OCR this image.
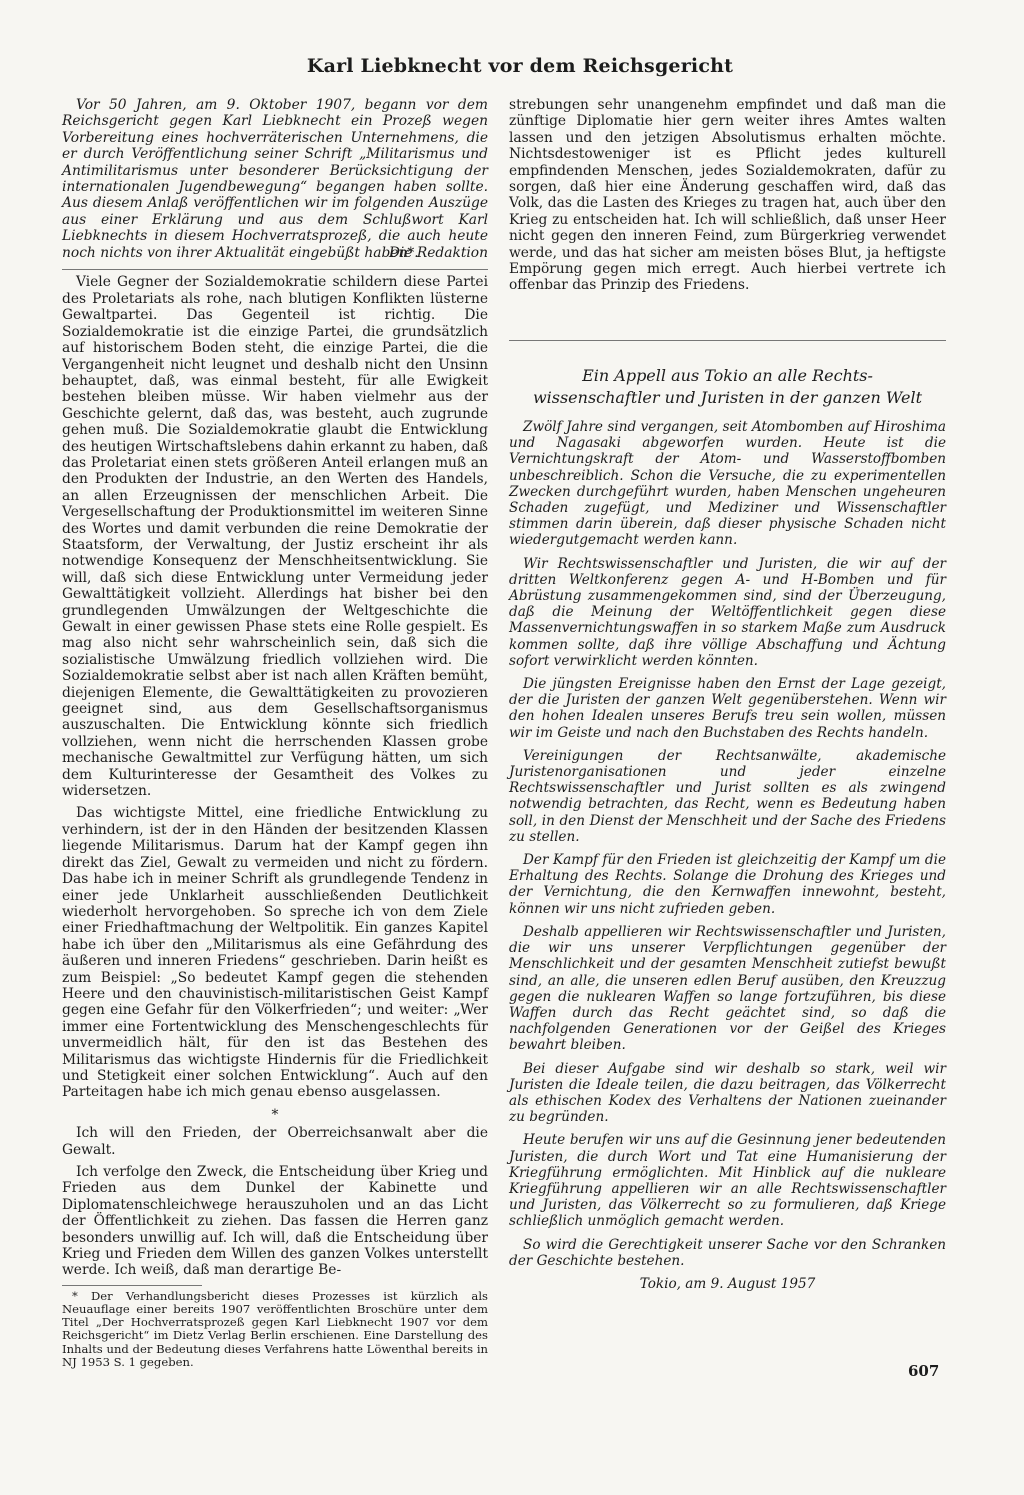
Karl Liebknecht vor dem Reichsgericht

Vor 50 Jahren, am 9. Oktober 1907, begann vor dem Reichsgericht gegen Karl Liebknecht ein Prozeß wegen Vorbereitung eines hochverräterischen Unternehmens, die er durch Veröffentlichung seiner Schrift „Militarismus und Antimilitarismus unter besonderer Berücksichtigung der internationalen Jugendbewegung“ begangen haben sollte. Aus diesem Anlaß veröffentlichen wir im folgenden Auszüge aus einer Erklärung und aus dem Schlußwort Karl Liebknechts in diesem Hochverratsprozeß, die auch heute noch nichts von ihrer Aktualität eingebüßt haben*.

Die Redaktion

Viele Gegner der Sozialdemokratie schildern diese Partei des Proletariats als rohe, nach blutigen Konflikten lüsterne Gewaltpartei. Das Gegenteil ist richtig. Die Sozialdemokratie ist die einzige Partei, die grundsätzlich auf historischem Boden steht, die einzige Partei, die die Vergangenheit nicht leugnet und deshalb nicht den Unsinn behauptet, daß, was einmal besteht, für alle Ewigkeit bestehen bleiben müsse. Wir haben vielmehr aus der Geschichte gelernt, daß das, was besteht, auch zugrunde gehen muß. Die Sozialdemokratie glaubt die Entwicklung des heutigen Wirtschaftslebens dahin erkannt zu haben, daß das Proletariat einen stets größeren Anteil erlangen muß an den Produkten der Industrie, an den Werten des Handels, an allen Erzeugnissen der menschlichen Arbeit. Die Vergesellschaftung der Produktionsmittel im weiteren Sinne des Wortes und damit verbunden die reine Demokratie der Staatsform, der Verwaltung, der Justiz erscheint ihr als notwendige Konsequenz der Menschheitsentwicklung. Sie will, daß sich diese Entwicklung unter Vermeidung jeder Gewalttätigkeit vollzieht. Allerdings hat bisher bei den grundlegenden Umwälzungen der Weltgeschichte die Gewalt in einer gewissen Phase stets eine Rolle gespielt. Es mag also nicht sehr wahrscheinlich sein, daß sich die sozialistische Umwälzung friedlich vollziehen wird. Die Sozialdemokratie selbst aber ist nach allen Kräften bemüht, diejenigen Elemente, die Gewalttätigkeiten zu provozieren geeignet sind, aus dem Gesellschaftsorganismus auszuschalten. Die Entwicklung könnte sich friedlich vollziehen, wenn nicht die herrschenden Klassen grobe mechanische Gewaltmittel zur Verfügung hätten, um sich dem Kulturinteresse der Gesamtheit des Volkes zu widersetzen.

Das wichtigste Mittel, eine friedliche Entwicklung zu verhindern, ist der in den Händen der besitzenden Klassen liegende Militarismus. Darum hat der Kampf gegen ihn direkt das Ziel, Gewalt zu vermeiden und nicht zu fördern. Das habe ich in meiner Schrift als grundlegende Tendenz in einer jede Unklarheit ausschließenden Deutlichkeit wiederholt hervorgehoben. So spreche ich von dem Ziele einer Friedhaftmachung der Weltpolitik. Ein ganzes Kapitel habe ich über den „Militarismus als eine Gefährdung des äußeren und inneren Friedens“ geschrieben. Darin heißt es zum Beispiel: „So bedeutet Kampf gegen die stehenden Heere und den chauvinistisch-militaristischen Geist Kampf gegen eine Gefahr für den Völkerfrieden“; und weiter: „Wer immer eine Fortentwicklung des Menschengeschlechts für unvermeidlich hält, für den ist das Bestehen des Militarismus das wichtigste Hindernis für die Friedlichkeit und Stetigkeit einer solchen Entwicklung“. Auch auf den Parteitagen habe ich mich genau ebenso ausgelassen.

*

Ich will den Frieden, der Oberreichsanwalt aber die Gewalt.

Ich verfolge den Zweck, die Entscheidung über Krieg und Frieden aus dem Dunkel der Kabinette und Diplomatenschleichwege herauszuholen und an das Licht der Öffentlichkeit zu ziehen. Das fassen die Herren ganz besonders unwillig auf. Ich will, daß die Entscheidung über Krieg und Frieden dem Willen des ganzen Volkes unterstellt werde. Ich weiß, daß man derartige Be-

* Der Verhandlungsbericht dieses Prozesses ist kürzlich als Neuauflage einer bereits 1907 veröffentlichten Broschüre unter dem Titel „Der Hochverratsprozeß gegen Karl Liebknecht 1907 vor dem Reichsgericht“ im Dietz Verlag Berlin erschienen. Eine Darstellung des Inhalts und der Bedeutung dieses Verfahrens hatte Löwenthal bereits in NJ 1953 S. 1 gegeben.

strebungen sehr unangenehm empfindet und daß man die zünftige Diplomatie hier gern weiter ihres Amtes walten lassen und den jetzigen Absolutismus erhalten möchte. Nichtsdestoweniger ist es Pflicht jedes kulturell empfindenden Menschen, jedes Sozialdemokraten, dafür zu sorgen, daß hier eine Änderung geschaffen wird, daß das Volk, das die Lasten des Krieges zu tragen hat, auch über den Krieg zu entscheiden hat. Ich will schließlich, daß unser Heer nicht gegen den inneren Feind, zum Bürgerkrieg verwendet werde, und das hat sicher am meisten böses Blut, ja heftigste Empörung gegen mich erregt. Auch hierbei vertrete ich offenbar das Prinzip des Friedens.

Ein Appell aus Tokio an alle Rechts-
wissenschaftler und Juristen in der ganzen Welt

Zwölf Jahre sind vergangen, seit Atombomben auf Hiroshima und Nagasaki abgeworfen wurden. Heute ist die Vernichtungskraft der Atom- und Wasserstoffbomben unbeschreiblich. Schon die Versuche, die zu experimentellen Zwecken durchgeführt wurden, haben Menschen ungeheuren Schaden zugefügt, und Mediziner und Wissenschaftler stimmen darin überein, daß dieser physische Schaden nicht wiedergutgemacht werden kann.

Wir Rechtswissenschaftler und Juristen, die wir auf der dritten Weltkonferenz gegen A- und H-Bomben und für Abrüstung zusammengekommen sind, sind der Überzeugung, daß die Meinung der Weltöffentlichkeit gegen diese Massenvernichtungswaffen in so starkem Maße zum Ausdruck kommen sollte, daß ihre völlige Abschaffung und Ächtung sofort verwirklicht werden könnten.

Die jüngsten Ereignisse haben den Ernst der Lage gezeigt, der die Juristen der ganzen Welt gegenüberstehen. Wenn wir den hohen Idealen unseres Berufs treu sein wollen, müssen wir im Geiste und nach den Buchstaben des Rechts handeln.

Vereinigungen der Rechtsanwälte, akademische Juristenorganisationen und jeder einzelne Rechtswissenschaftler und Jurist sollten es als zwingend notwendig betrachten, das Recht, wenn es Bedeutung haben soll, in den Dienst der Menschheit und der Sache des Friedens zu stellen.

Der Kampf für den Frieden ist gleichzeitig der Kampf um die Erhaltung des Rechts. Solange die Drohung des Krieges und der Vernichtung, die den Kernwaffen innewohnt, besteht, können wir uns nicht zufrieden geben.

Deshalb appellieren wir Rechtswissenschaftler und Juristen, die wir uns unserer Verpflichtungen gegenüber der Menschlichkeit und der gesamten Menschheit zutiefst bewußt sind, an alle, die unseren edlen Beruf ausüben, den Kreuzzug gegen die nuklearen Waffen so lange fortzuführen, bis diese Waffen durch das Recht geächtet sind, so daß die nachfolgenden Generationen vor der Geißel des Krieges bewahrt bleiben.

Bei dieser Aufgabe sind wir deshalb so stark, weil wir Juristen die Ideale teilen, die dazu beitragen, das Völkerrecht als ethischen Kodex des Verhaltens der Nationen zueinander zu begründen.

Heute berufen wir uns auf die Gesinnung jener bedeutenden Juristen, die durch Wort und Tat eine Humanisierung der Kriegführung ermöglichten. Mit Hinblick auf die nukleare Kriegführung appellieren wir an alle Rechtswissenschaftler und Juristen, das Völkerrecht so zu formulieren, daß Kriege schließlich unmöglich gemacht werden.

So wird die Gerechtigkeit unserer Sache vor den Schranken der Geschichte bestehen.

Tokio, am 9. August 1957
607
